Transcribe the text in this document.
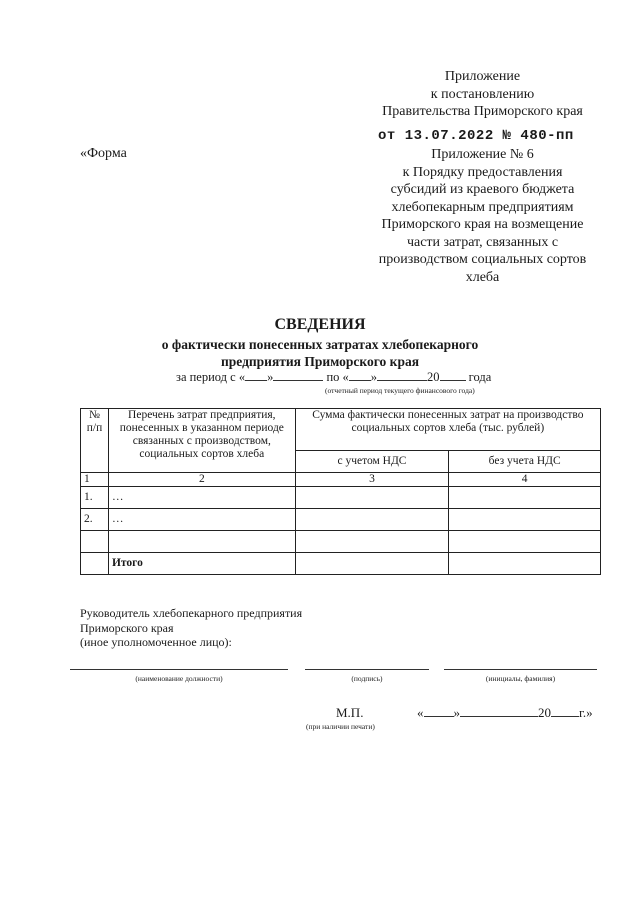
Приложение
к постановлению
Правительства Приморского края
от 13.07.2022 № 480-пп
«Форма	Приложение № 6
к Порядку предоставления
субсидий из краевого бюджета
хлебопекарным предприятиям
Приморского края на возмещение
части затрат, связанных с
производством социальных сортов
хлеба
СВЕДЕНИЯ
о фактически понесенных затратах хлебопекарного
предприятия Приморского края
за период с « »	по « »	20 года
(отчетный период текущего финансового года)
№ п/п	Перечень затрат предприятия, понесенных в указанном периоде связанных с производством, социальных сортов хлеба	Сумма фактически понесенных затрат на производство социальных сортов хлеба (тыс. рублей)	
		с учетом НДС	без учета НДС
1	2	3	4
1.	…		
2.	…		

	Итого		
Руководитель хлебопекарного предприятия
Приморского края
(иное уполномоченное лицо):
(наименование должности)	(подпись)	(инициалы, фамилия)
М.П.
(при наличии печати)
« »	20 г.»
